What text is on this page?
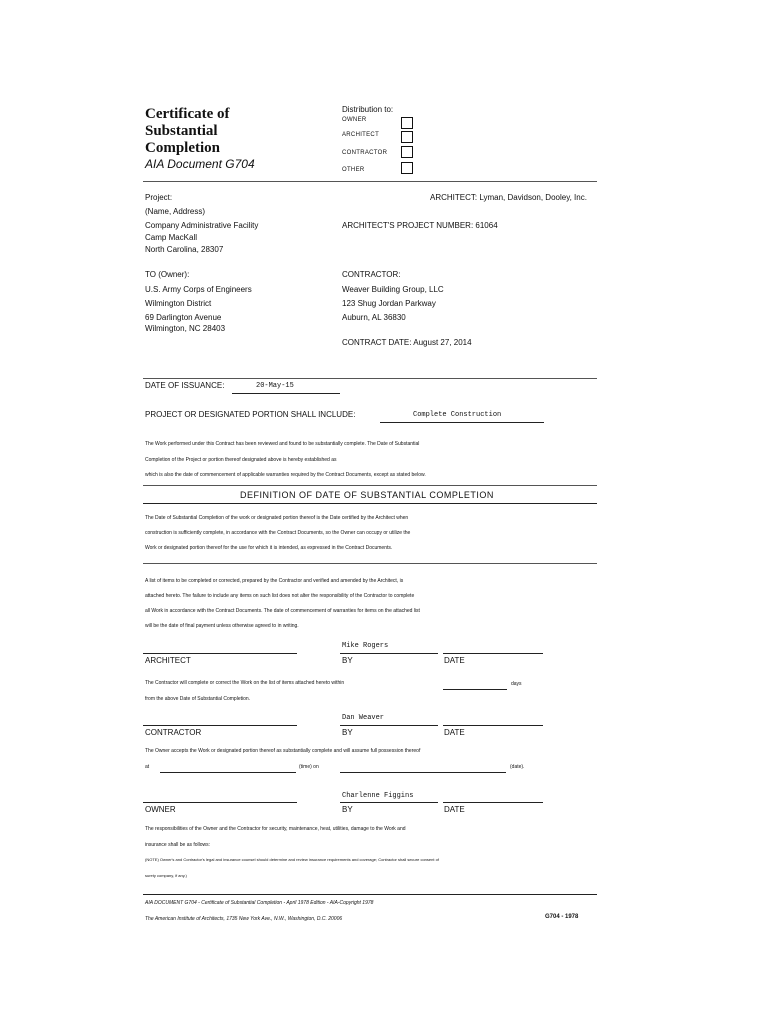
Certificate of
Substantial
Completion
AIA Document G704
Distribution to:
OWNER
ARCHITECT
CONTRACTOR
OTHER
Project:
(Name, Address)
Company Administrative Facility
Camp MacKall
North Carolina, 28307
ARCHITECT: Lyman, Davidson, Dooley, Inc.
ARCHITECT'S PROJECT NUMBER: 61064
TO (Owner):
U.S. Army Corps of Engineers
Wilmington District
69 Darlington Avenue
Wilmington, NC 28403
CONTRACTOR:
Weaver Building Group, LLC
123 Shug Jordan Parkway
Auburn, AL 36830
CONTRACT DATE: August 27, 2014
DATE OF ISSUANCE:	20-May-15
PROJECT OR DESIGNATED PORTION SHALL INCLUDE:	Complete Construction
The Work performed under this Contract has been reviewed and found to be substantially complete. The Date of Substantial
Completion of the Project or portion thereof designated above is hereby established as
which is also the date of commencement of applicable warranties required by the Contract Documents, except as stated below.
DEFINITION OF DATE OF SUBSTANTIAL COMPLETION
The Date of Substantial Completion of the work or designated portion thereof is the Date certified by the Architect when
construction is sufficiently complete, in accordance with the Contract Documents, so the Owner can occupy or utilize the
Work or designated portion thereof for the use for which it is intended, as expressed in the Contract Documents.
A list of items to be completed or corrected, prepared by the Contractor and verified and amended by the Architect, is
attached hereto. The failure to include any items on such list does not alter the responsibility of the Contractor to complete
all Work in accordance with the Contract Documents. The date of commencement of warranties for items on the attached list
will be the date of final payment unless otherwise agreed to in writing.
Mike Rogers
ARCHITECT	BY	DATE
The Contractor will complete or correct the Work on the list of items attached hereto within	days
from the above Date of Substantial Completion.
Dan Weaver
CONTRACTOR	BY	DATE
The Owner accepts the Work or designated portion thereof as substantially complete and will assume full possession thereof
at	(time) on	(date).
Charlenne Figgins
OWNER	BY	DATE
The responsibilities of the Owner and the Contractor for security, maintenance, heat, utilities, damage to the Work and
insurance shall be as follows:
(NOTE) Owner's and Contractor's legal and insurance counsel should determine and review insurance requirements and coverage; Contractor shall secure consent of
surety company, if any.)
AIA DOCUMENT G704 - Certificate of Substantial Completion - April 1978 Edition - AIA-Copyright 1978
The American Institute of Architects, 1735 New York Ave., N.W., Washington, D.C. 20006	G704 - 1978
